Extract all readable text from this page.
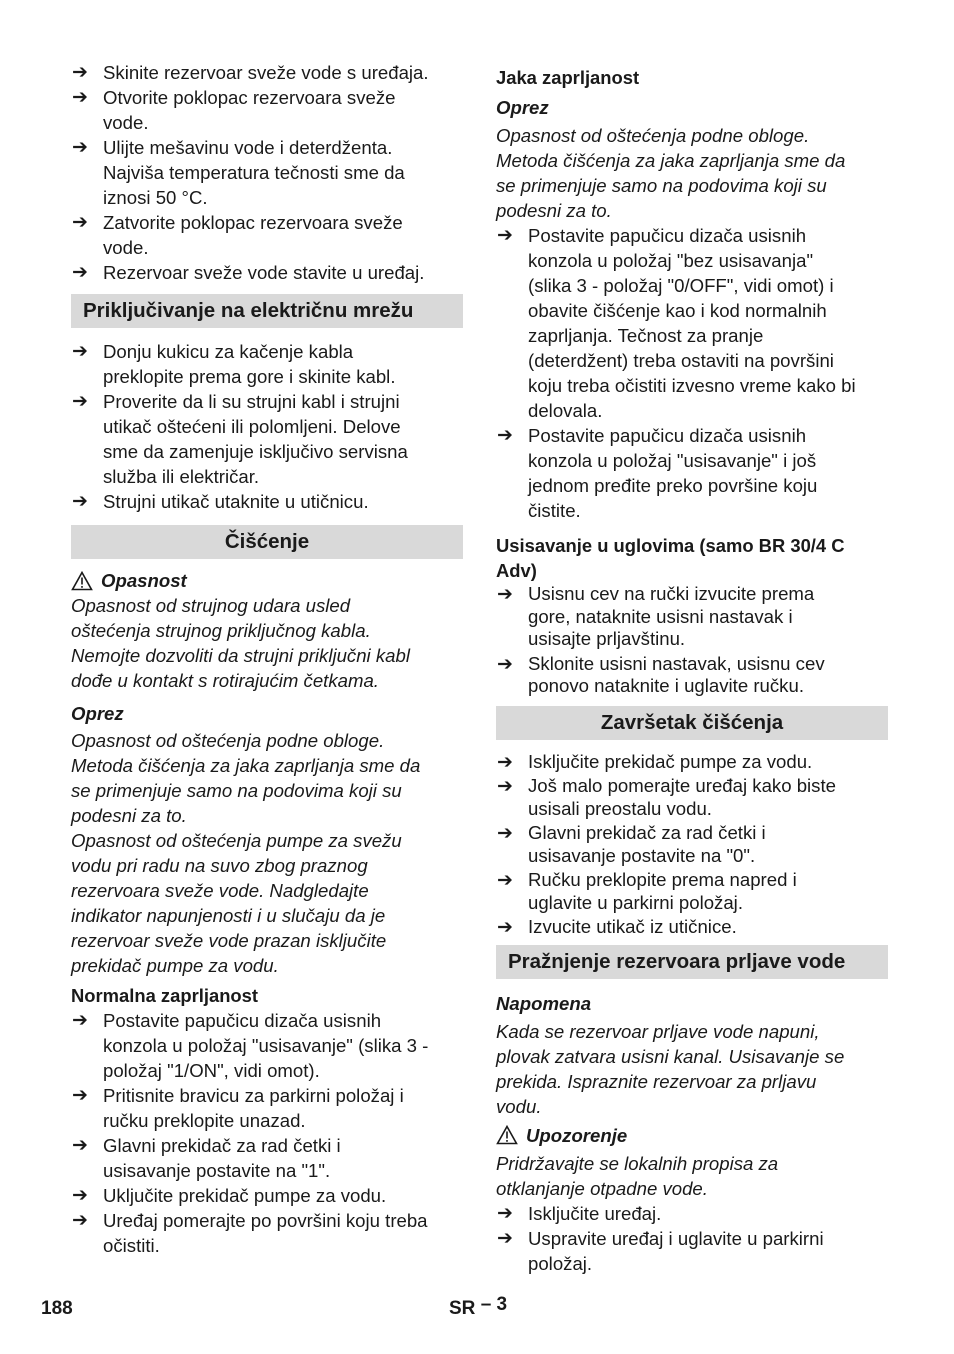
➔ Skinite rezervoar sveže vode s uređaja.
➔ Otvorite poklopac rezervoara sveže
vode.
➔ Ulijte mešavinu vode i deterdženta.
Najviša temperatura tečnosti sme da
iznosi 50 °C.
➔ Zatvorite poklopac rezervoara sveže
vode.
➔ Rezervoar sveže vode stavite u uređaj.
Priključivanje na električnu mrežu
➔ Donju kukicu za kačenje kabla
preklopite prema gore i skinite kabl.
➔ Proverite da li su strujni kabl i strujni
utikač oštećeni ili polomljeni. Delove
sme da zamenjuje isključivo servisna
služba ili električar.
➔ Strujni utikač utaknite u utičnicu.
Čišćenje
Opasnost
Opasnost od strujnog udara usled
oštećenja strujnog priključnog kabla.
Nemojte dozvoliti da strujni priključni kabl
dođe u kontakt s rotirajućim četkama.
Oprez
Opasnost od oštećenja podne obloge.
Metoda čišćenja za jaka zaprljanja sme da
se primenjuje samo na podovima koji su
podesni za to.
Opasnost od oštećenja pumpe za svežu
vodu pri radu na suvo zbog praznog
rezervoara sveže vode. Nadgledajte
indikator napunjenosti i u slučaju da je
rezervoar sveže vode prazan isključite
prekidač pumpe za vodu.
Normalna zaprljanost
➔ Postavite papučicu dizača usisnih
konzola u položaj "usisavanje" (slika 3 -
položaj "1/ON", vidi omot).
➔ Pritisnite bravicu za parkirni položaj i
ručku preklopite unazad.
➔ Glavni prekidač za rad četki i
usisavanje postavite na "1".
➔ Uključite prekidač pumpe za vodu.
➔ Uređaj pomerajte po površini koju treba
očistiti.
Jaka zaprljanost
Oprez
Opasnost od oštećenja podne obloge.
Metoda čišćenja za jaka zaprljanja sme da
se primenjuje samo na podovima koji su
podesni za to.
➔ Postavite papučicu dizača usisnih
konzola u položaj "bez usisavanja"
(slika 3 - položaj "0/OFF", vidi omot) i
obavite čišćenje kao i kod normalnih
zaprljanja. Tečnost za pranje
(deterdžent) treba ostaviti na površini
koju treba očistiti izvesno vreme kako bi
delovala.
➔ Postavite papučicu dizača usisnih
konzola u položaj "usisavanje" i još
jednom pređite preko površine koju
čistite.
Usisavanje u uglovima (samo BR 30/4 C
Adv)
➔ Usisnu cev na ručki izvucite prema
gore, nataknite usisni nastavak i
usisajte prljavštinu.
➔ Sklonite usisni nastavak, usisnu cev
ponovo nataknite i uglavite ručku.
Završetak čišćenja
➔ Isključite prekidač pumpe za vodu.
➔ Još malo pomerajte uređaj kako biste
usisali preostalu vodu.
➔ Glavni prekidač za rad četki i
usisavanje postavite na "0".
➔ Ručku preklopite prema napred i
uglavite u parkirni položaj.
➔ Izvucite utikač iz utičnice.
Pražnjenje rezervoara prljave vode
Napomena
Kada se rezervoar prljave vode napuni,
plovak zatvara usisni kanal. Usisavanje se
prekida. Ispraznite rezervoar za prljavu
vodu.
Upozorenje
Pridržavajte se lokalnih propisa za
otklanjanje otpadne vode.
➔ Isključite uređaj.
➔ Uspravite uređaj i uglavite u parkirni
položaj.
188	SR – 3
